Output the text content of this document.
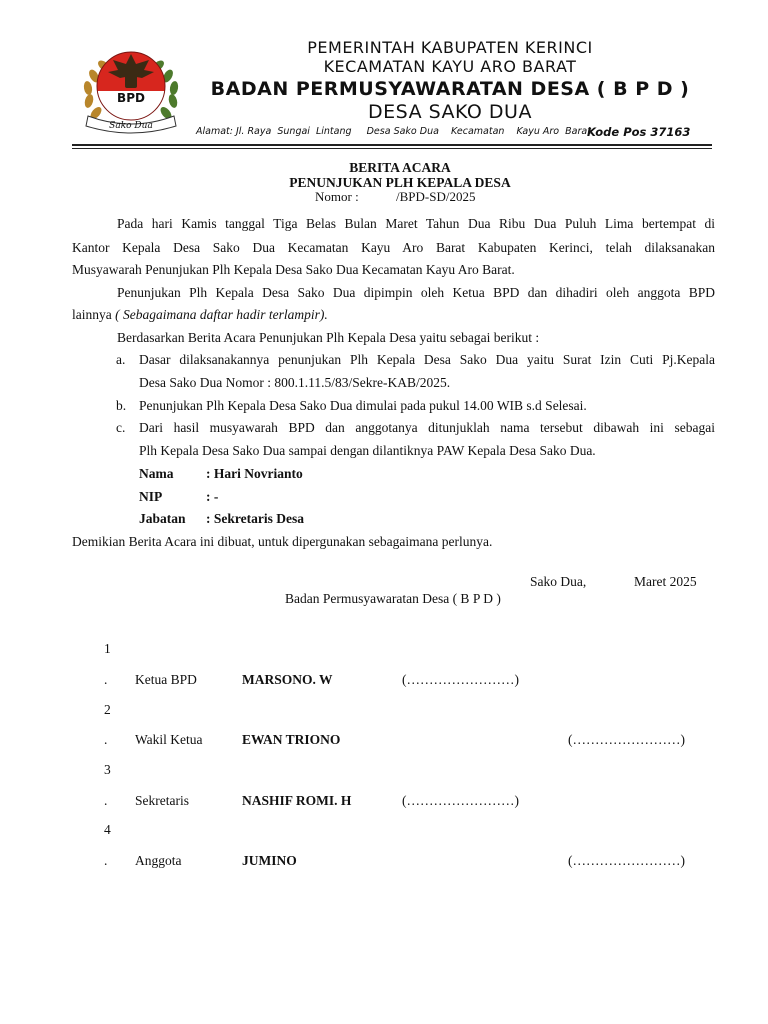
BPD
Sako Dua
PEMERINTAH KABUPATEN KERINCI
KECAMATAN KAYU ARO BARAT
BADAN PERMUSYAWARATAN DESA ( B P D )
DESA SAKO DUA
Alamat: Jl. Raya  Sungai  Lintang     Desa Sako Dua    Kecamatan    Kayu Aro  Barat
Kode Pos 37163
BERITA ACARA
PENUNJUKAN PLH KEPALA DESA
Nomor :	/BPD-SD/2025
Pada hari Kamis tanggal Tiga Belas Bulan Maret Tahun Dua Ribu Dua Puluh Lima bertempat di
Kantor Kepala Desa Sako Dua Kecamatan Kayu Aro Barat Kabupaten Kerinci, telah dilaksanakan
Musyawarah Penunjukan Plh Kepala Desa Sako Dua Kecamatan Kayu Aro Barat.
Penunjukan Plh Kepala Desa Sako Dua dipimpin oleh Ketua BPD dan dihadiri oleh anggota BPD
lainnya ( Sebagaimana daftar hadir terlampir).
Berdasarkan Berita Acara Penunjukan Plh Kepala Desa yaitu sebagai berikut :
a. Dasar dilaksanakannya penunjukan Plh Kepala Desa Sako Dua yaitu Surat Izin Cuti Pj.Kepala
Desa Sako Dua Nomor : 800.1.11.5/83/Sekre-KAB/2025.
b. Penunjukan Plh Kepala Desa Sako Dua dimulai pada pukul 14.00 WIB s.d Selesai.
c. Dari hasil musyawarah BPD dan anggotanya ditunjuklah nama tersebut dibawah ini sebagai
Plh Kepala Desa Sako Dua sampai dengan dilantiknya PAW Kepala Desa Sako Dua.
Nama : Hari Novrianto
NIP	: -
Jabatan : Sekretaris Desa
Demikian Berita Acara ini dibuat, untuk dipergunakan sebagaimana perlunya.
Sako Dua,	Maret 2025
Badan Permusyawaratan Desa ( B P D )
1
. Ketua BPD	MARSONO. W	(……………………)
2
. Wakil Ketua	EWAN TRIONO	(……………………)
3
. Sekretaris	NASHIF ROMI. H	(……………………)
4
. Anggota	JUMINO	(……………………)
